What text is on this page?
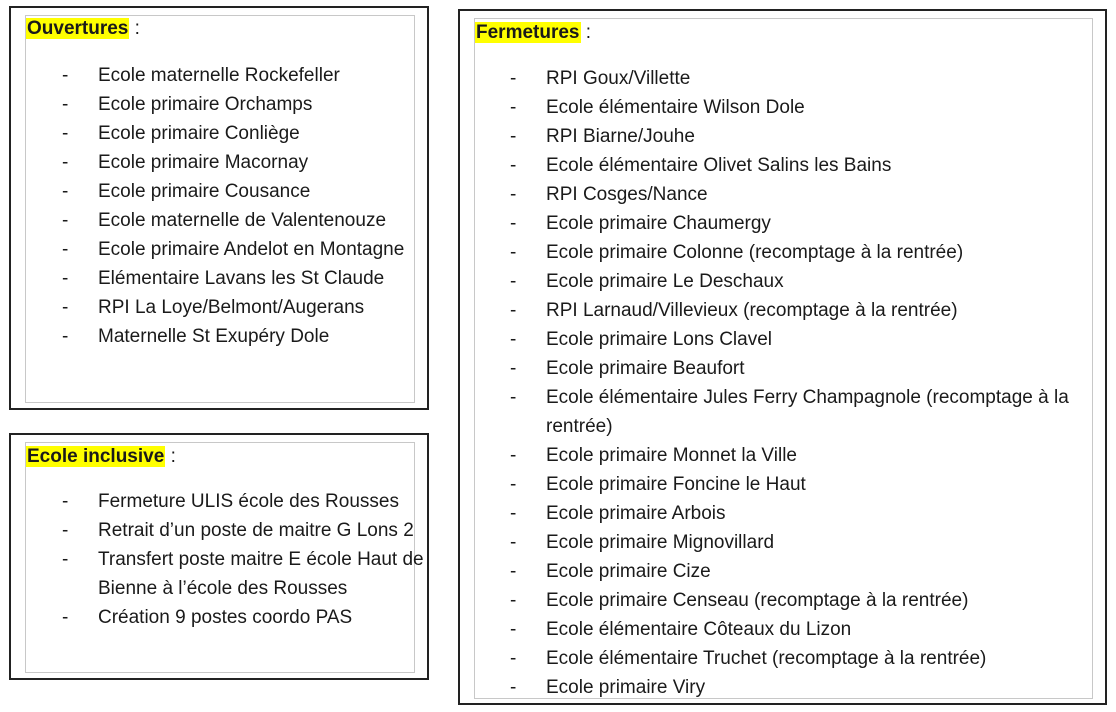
Ouvertures :
- Ecole maternelle Rockefeller
- Ecole primaire Orchamps
- Ecole primaire Conliège
- Ecole primaire Macornay
- Ecole primaire Cousance
- Ecole maternelle de Valentenouze
- Ecole primaire Andelot en Montagne
- Elémentaire Lavans les St Claude
- RPI La Loye/Belmont/Augerans
- Maternelle St Exupéry Dole
Ecole inclusive :
- Fermeture ULIS école des Rousses
- Retrait d’un poste de maitre G Lons 2
- Transfert poste maitre E école Haut de Bienne à l’école des Rousses
- Création 9 postes coordo PAS
Fermetures :
- RPI Goux/Villette
- Ecole élémentaire Wilson Dole
- RPI Biarne/Jouhe
- Ecole élémentaire Olivet Salins les Bains
- RPI Cosges/Nance
- Ecole primaire Chaumergy
- Ecole primaire Colonne (recomptage à la rentrée)
- Ecole primaire Le Deschaux
- RPI Larnaud/Villevieux (recomptage à la rentrée)
- Ecole primaire Lons Clavel
- Ecole primaire Beaufort
- Ecole élémentaire Jules Ferry Champagnole (recomptage à la rentrée)
- Ecole primaire Monnet la Ville
- Ecole primaire Foncine le Haut
- Ecole primaire Arbois
- Ecole primaire Mignovillard
- Ecole primaire Cize
- Ecole primaire Censeau (recomptage à la rentrée)
- Ecole élémentaire Côteaux du Lizon
- Ecole élémentaire Truchet (recomptage à la rentrée)
- Ecole primaire Viry
